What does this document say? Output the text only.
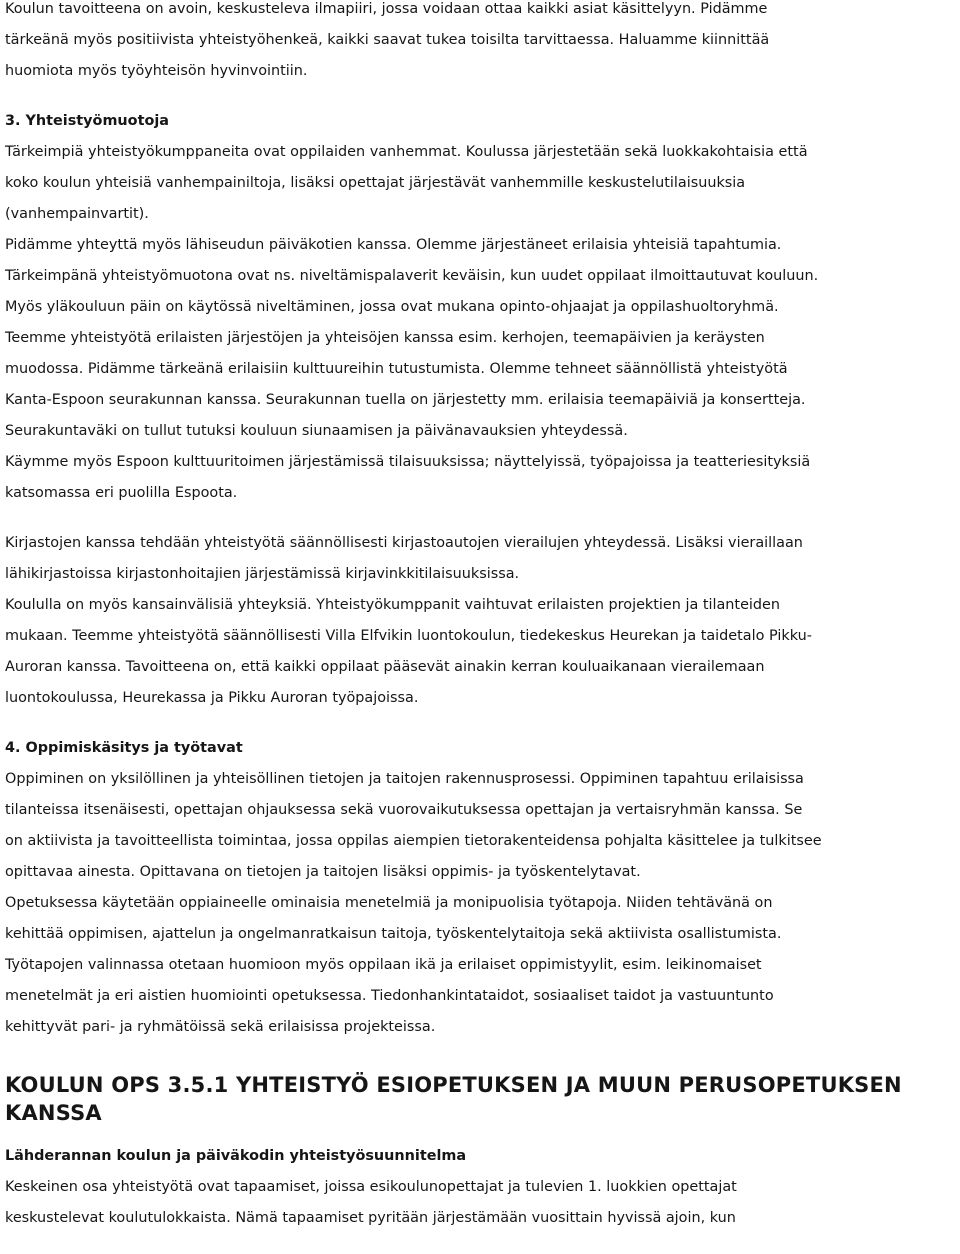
Koulun tavoitteena on avoin, keskusteleva ilmapiiri, jossa voidaan ottaa kaikki asiat käsittelyyn. Pidämme
tärkeänä myös positiivista yhteistyöhenkeä, kaikki saavat tukea toisilta tarvittaessa. Haluamme kiinnittää
huomiota myös työyhteisön hyvinvointiin.
3. Yhteistyömuotoja
Tärkeimpiä yhteistyökumppaneita ovat oppilaiden vanhemmat. Koulussa järjestetään sekä luokkakohtaisia että
koko koulun yhteisiä vanhempainiltoja, lisäksi opettajat järjestävät vanhemmille keskustelutilaisuuksia
(vanhempainvartit).
Pidämme yhteyttä myös lähiseudun päiväkotien kanssa. Olemme järjestäneet erilaisia yhteisiä tapahtumia.
Tärkeimpänä yhteistyömuotona ovat ns. niveltämispalaverit keväisin, kun uudet oppilaat ilmoittautuvat kouluun.
Myös yläkouluun päin on käytössä niveltäminen, jossa ovat mukana opinto-ohjaajat ja oppilashuoltoryhmä.
Teemme yhteistyötä erilaisten järjestöjen ja yhteisöjen kanssa esim. kerhojen, teemapäivien ja keräysten
muodossa. Pidämme tärkeänä erilaisiin kulttuureihin tutustumista. Olemme tehneet säännöllistä yhteistyötä
Kanta-Espoon seurakunnan kanssa. Seurakunnan tuella on järjestetty mm. erilaisia teemapäiviä ja konsertteja.
Seurakuntaväki on tullut tutuksi kouluun siunaamisen ja päivänavauksien yhteydessä.
Käymme myös Espoon kulttuuritoimen järjestämissä tilaisuuksissa; näyttelyissä, työpajoissa ja teatteriesityksiä
katsomassa eri puolilla Espoota.
Kirjastojen kanssa tehdään yhteistyötä säännöllisesti kirjastoautojen vierailujen yhteydessä. Lisäksi vieraillaan
lähikirjastoissa kirjastonhoitajien järjestämissä kirjavinkkitilaisuuksissa.
Koululla on myös kansainvälisiä yhteyksiä. Yhteistyökumppanit vaihtuvat erilaisten projektien ja tilanteiden
mukaan. Teemme yhteistyötä säännöllisesti Villa Elfvikin luontokoulun, tiedekeskus Heurekan ja taidetalo Pikku-
Auroran kanssa. Tavoitteena on, että kaikki oppilaat pääsevät ainakin kerran kouluaikanaan vierailemaan
luontokoulussa, Heurekassa ja Pikku Auroran työpajoissa.
4. Oppimiskäsitys ja työtavat
Oppiminen on yksilöllinen ja yhteisöllinen tietojen ja taitojen rakennusprosessi. Oppiminen tapahtuu erilaisissa
tilanteissa itsenäisesti, opettajan ohjauksessa sekä vuorovaikutuksessa opettajan ja vertaisryhmän kanssa. Se
on aktiivista ja tavoitteellista toimintaa, jossa oppilas aiempien tietorakenteidensa pohjalta käsittelee ja tulkitsee
opittavaa ainesta. Opittavana on tietojen ja taitojen lisäksi oppimis- ja työskentelytavat.
Opetuksessa käytetään oppiaineelle ominaisia menetelmiä ja monipuolisia työtapoja. Niiden tehtävänä on
kehittää oppimisen, ajattelun ja ongelmanratkaisun taitoja, työskentelytaitoja sekä aktiivista osallistumista.
Työtapojen valinnassa otetaan huomioon myös oppilaan ikä ja erilaiset oppimistyylit, esim. leikinomaiset
menetelmät ja eri aistien huomiointi opetuksessa. Tiedonhankintataidot, sosiaaliset taidot ja vastuuntunto
kehittyvät pari- ja ryhmätöissä sekä erilaisissa projekteissa.
KOULUN OPS 3.5.1 YHTEISTYÖ ESIOPETUKSEN JA MUUN PERUSOPETUKSEN
KANSSA
Lähderannan koulun ja päiväkodin yhteistyösuunnitelma
Keskeinen osa yhteistyötä ovat tapaamiset, joissa esikoulunopettajat ja tulevien 1. luokkien opettajat
keskustelevat koulutulokkaista. Nämä tapaamiset pyritään järjestämään vuosittain hyvissä ajoin, kun
